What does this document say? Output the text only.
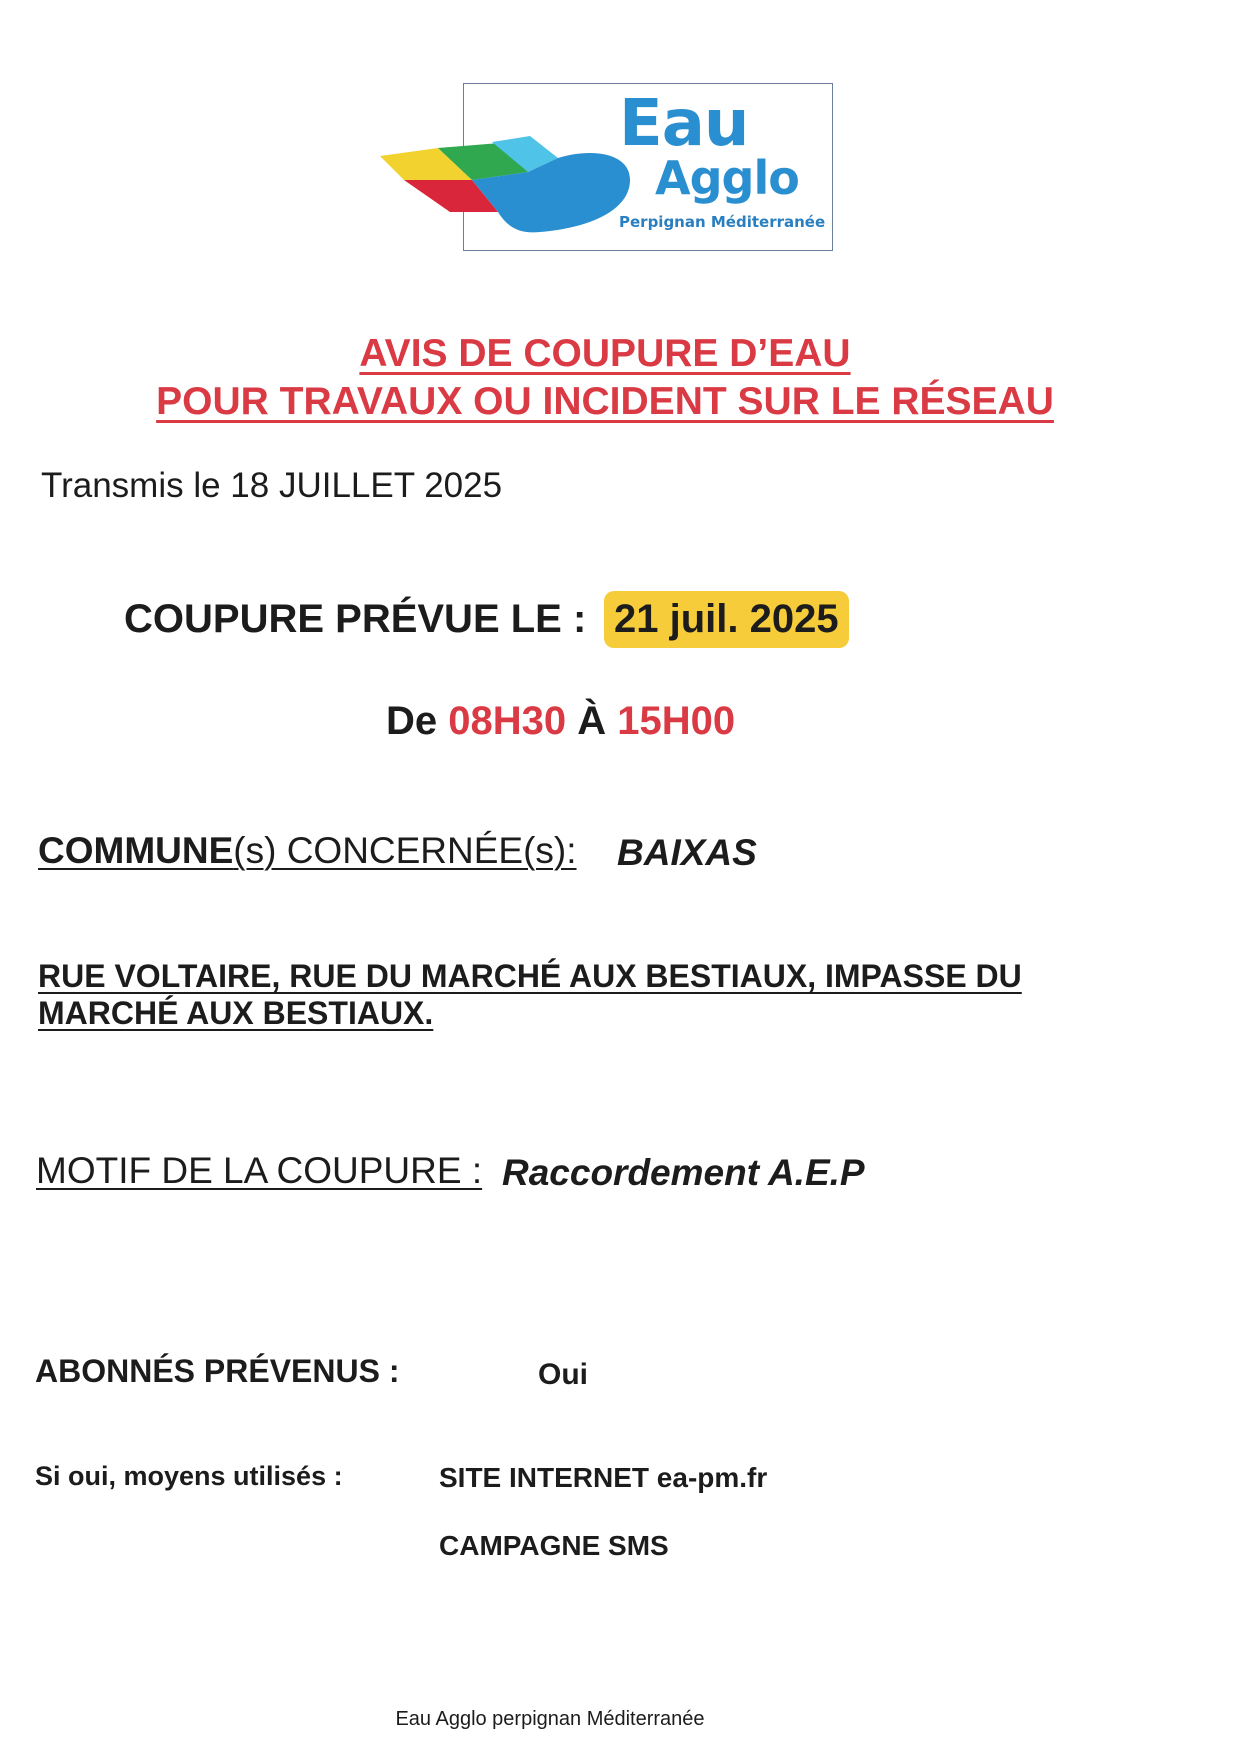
Eau
Agglo
Perpignan Méditerranée
AVIS DE COUPURE D’EAU
POUR TRAVAUX OU INCIDENT SUR LE RÉSEAU
Transmis le 18 JUILLET 2025
COUPURE PRÉVUE LE : 21 juil. 2025
De 08H30 À 15H00
COMMUNE(s) CONCERNÉE(s): BAIXAS
RUE VOLTAIRE, RUE DU MARCHÉ AUX BESTIAUX, IMPASSE DU MARCHÉ AUX BESTIAUX.
MOTIF DE LA COUPURE : Raccordement A.E.P
ABONNÉS PRÉVENUS :	Oui
Si oui, moyens utilisés :	SITE INTERNET ea-pm.fr
CAMPAGNE SMS
Eau Agglo perpignan Méditerranée
